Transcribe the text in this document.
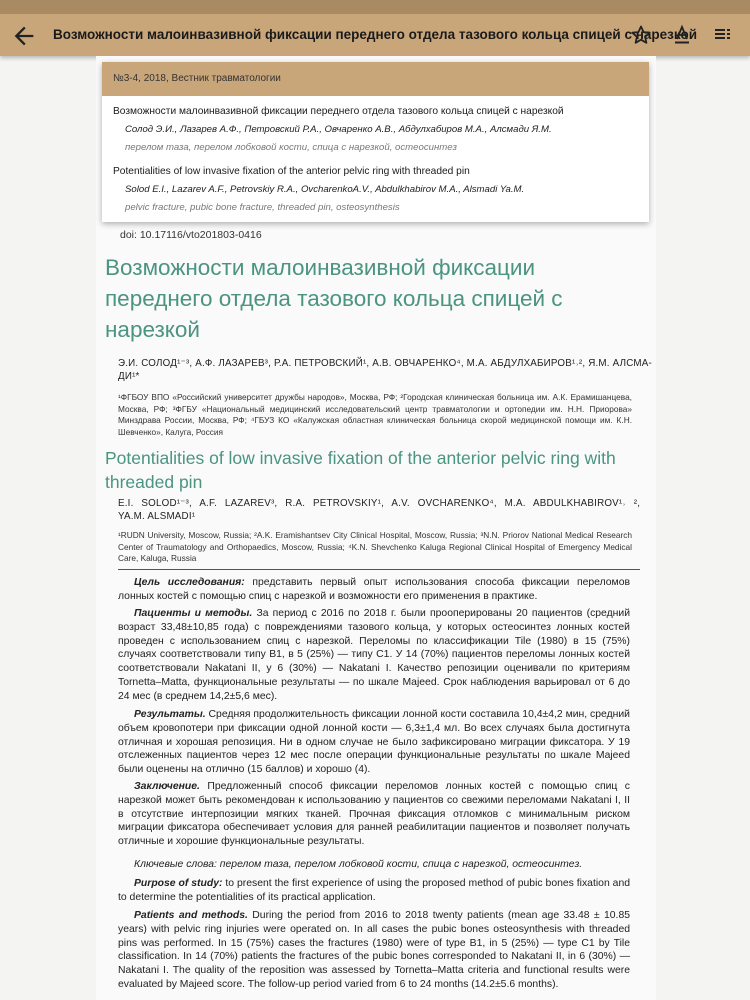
Возможности малоинвазивной фиксации переднего отдела тазового кольца спицей с нарезкой
doi: 10.17116/vto201803-0416
Возможности малоинвазивной фиксации переднего отдела тазового кольца спицей с нарезкой
Э.И. СОЛОД¹⁻³, А.Ф. ЛАЗАРЕВ³, Р.А. ПЕТРОВСКИЙ¹, А.В. ОВЧАРЕНКО⁴, М.А. АБДУЛХАБИРОВ¹˒², Я.М. АЛСМА-
ДИ¹*
¹ФГБОУ ВПО «Российский университет дружбы народов», Москва, РФ; ²Городская клиническая больница им. А.К. Ерамишанцева, Москва, РФ; ³ФГБУ «Национальный медицинский исследовательский центр травматологии и ортопедии им. Н.Н. Приорова» Минздрава России, Москва, РФ; ⁴ГБУЗ КО «Калужская областная клиническая больница скорой медицинской помощи им. К.Н. Шевченко», Калуга, Россия
Potentialities of low invasive fixation of the anterior pelvic ring with threaded pin
E.I. SOLOD¹⁻³, A.F. LAZAREV³, R.A. PETROVSKIY¹, A.V. OVCHARENKO⁴, M.A. ABDULKHABIROV¹˒ ²,
YA.M. ALSMADI¹
¹RUDN University, Moscow, Russia; ²A.K. Eramishantsev City Clinical Hospital, Moscow, Russia; ³N.N. Priorov National Medical Research Center of Traumatology and Orthopaedics, Moscow, Russia; ⁴K.N. Shevchenko Kaluga Regional Clinical Hospital of Emergency Medical Care, Kaluga, Russia
Цель исследования: представить первый опыт использования способа фиксации переломов лонных костей с помощью спиц с нарезкой и возможности его применения в практике.
Пациенты и методы. За период с 2016 по 2018 г. были прооперированы 20 пациентов (средний возраст 33,48±10,85 года) с повреждениями тазового кольца, у которых остеосинтез лонных костей проведен с использованием спиц с нарезкой. Переломы по классификации Tile (1980) в 15 (75%) случаях соответствовали типу B1, в 5 (25%) — типу C1. У 14 (70%) пациентов переломы лонных костей соответствовали Nakatani II, у 6 (30%) — Nakatani I. Качество репозиции оценивали по критериям Tornetta–Matta, функциональные результаты — по шкале Majeed. Срок наблюдения варьировал от 6 до 24 мес (в среднем 14,2±5,6 мес).
Результаты. Средняя продолжительность фиксации лонной кости составила 10,4±4,2 мин, средний объем кровопотери при фиксации одной лонной кости — 6,3±1,4 мл. Во всех случаях была достигнута отличная и хорошая репозиция. Ни в одном случае не было зафиксировано миграции фиксатора. У 19 отслеженных пациентов через 12 мес после операции функциональные результаты по шкале Majeed были оценены на отлично (15 баллов) и хорошо (4).
Заключение. Предложенный способ фиксации переломов лонных костей с помощью спиц с нарезкой может быть рекомендован к использованию у пациентов со свежими переломами Nakatani I, II в отсутствие интерпозиции мягких тканей. Прочная фиксация отломков с минимальным риском миграции фиксатора обеспечивает условия для ранней реабилитации пациентов и позволяет получать отличные и хорошие функциональные результаты.
Ключевые слова: перелом таза, перелом лобковой кости, спица с нарезкой, остеосинтез.
Purpose of study: to present the first experience of using the proposed method of pubic bones fixation and to determine the potentialities of its practical application.
Patients and methods. During the period from 2016 to 2018 twenty patients (mean age 33.48 ± 10.85 years) with pelvic ring injuries were operated on. In all cases the pubic bones osteosynthesis with threaded pins was performed. In 15 (75%) cases the fractures (1980) were of type B1, in 5 (25%) — type C1 by Tile classification. In 14 (70%) patients the fractures of the pubic bones corresponded to Nakatani II, in 6 (30%) — Nakatani I. The quality of the reposition was assessed by Tornetta–Matta criteria and functional results were evaluated by Majeed score. The follow-up period varied from 6 to 24 months (14.2±5.6 months).
№3-4, 2018, Вестник травматологии
Возможности малоинвазивной фиксации переднего отдела тазового кольца спицей с нарезкой
Солод Э.И., Лазарев А.Ф., Петровский Р.А., Овчаренко А.В., Абдулхабиров М.А., Алсмади Я.М.
перелом таза, перелом лобковой кости, спица с нарезкой, остеосинтез
Potentialities of low invasive fixation of the anterior pelvic ring with threaded pin
Solod E.I., Lazarev A.F., Petrovskiy R.A., OvcharenkoA.V., Abdulkhabirov M.A., Alsmadi Ya.M.
pelvic fracture, pubic bone fracture, threaded pin, osteosynthesis
